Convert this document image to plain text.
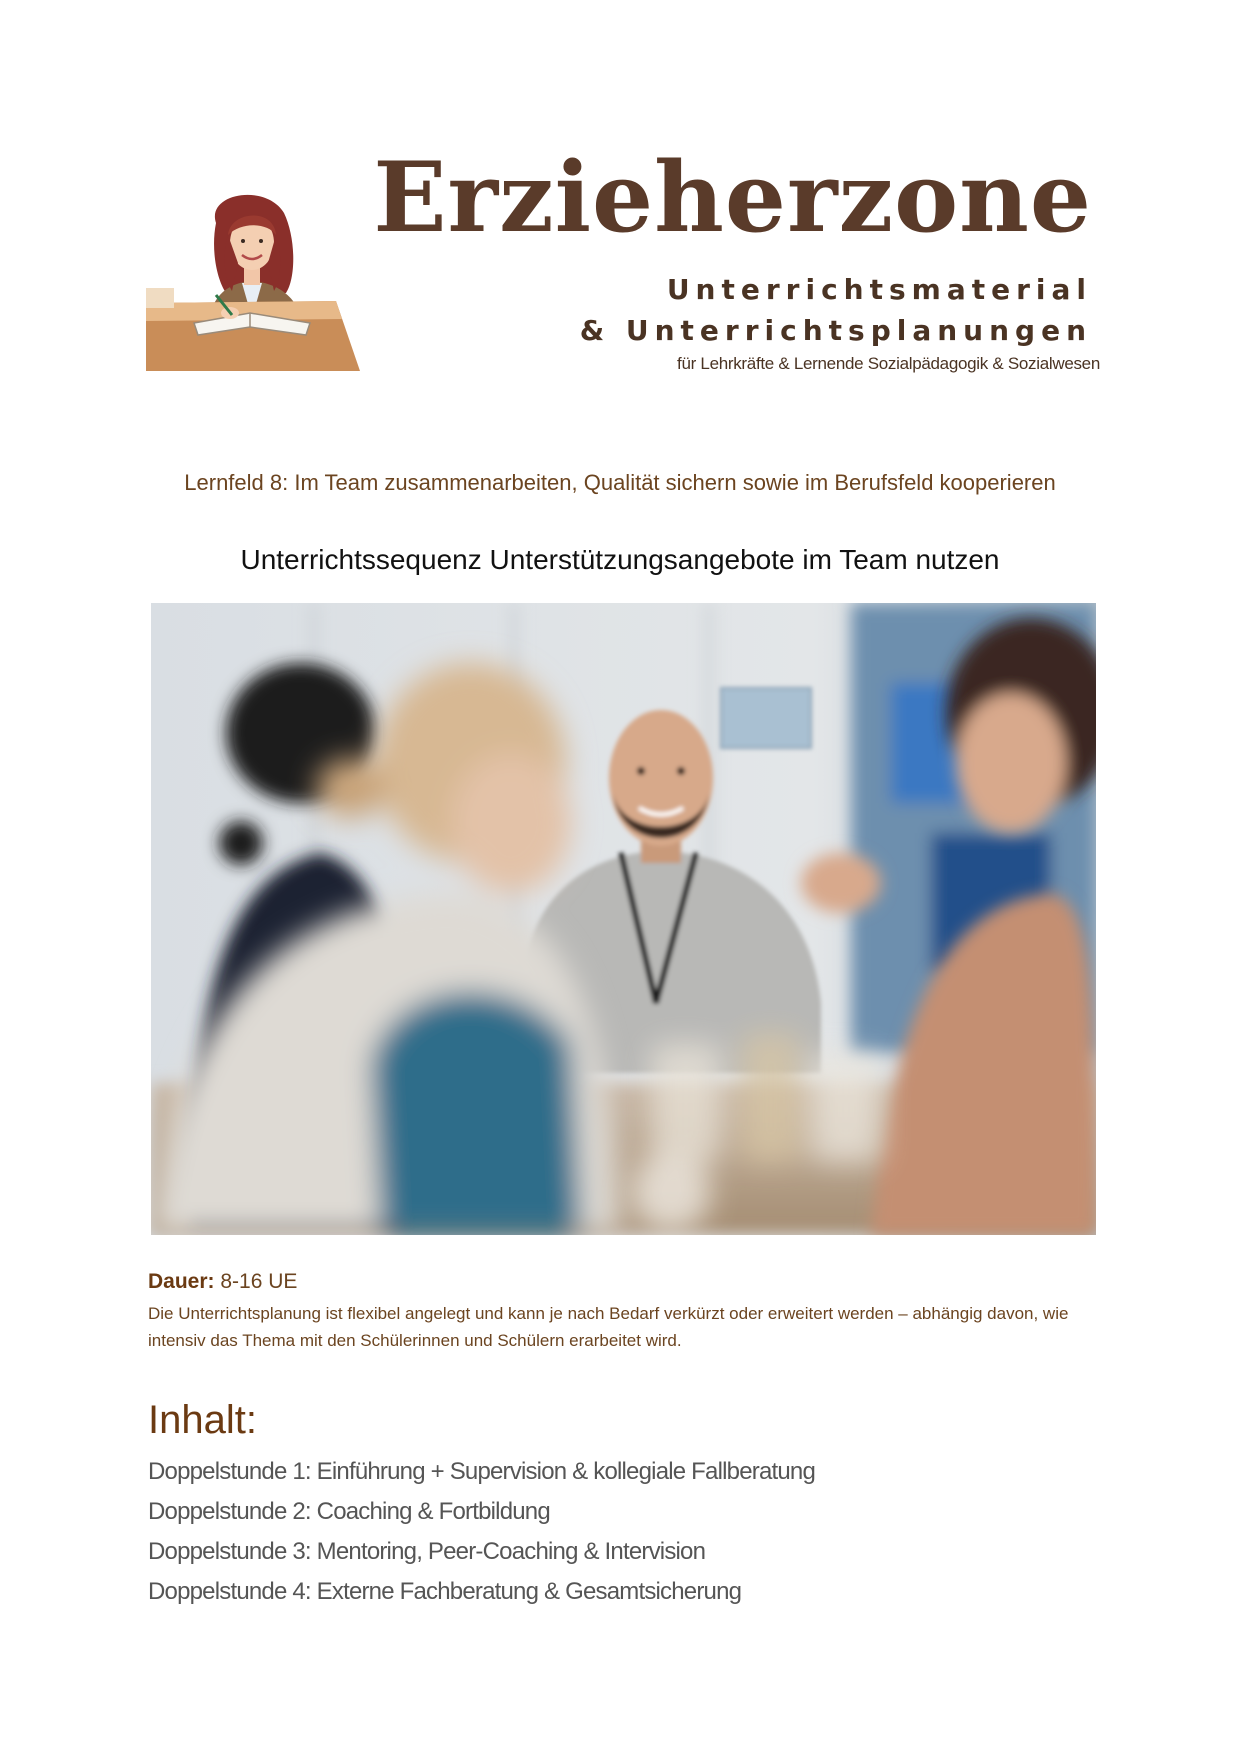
Erzieherzone

Unterrichtsmaterial

& Unterrichtsplanungen

für Lehrkräfte & Lernende Sozialpädagogik & Sozialwesen

Lernfeld 8: Im Team zusammenarbeiten, Qualität sichern sowie im Berufsfeld kooperieren

Unterrichtssequenz Unterstützungsangebote im Team nutzen

Dauer: 8-16 UE

Die Unterrichtsplanung ist flexibel angelegt und kann je nach Bedarf verkürzt oder erweitert werden – abhängig davon, wie intensiv das Thema mit den Schülerinnen und Schülern erarbeitet wird.

Inhalt:
Doppelstunde 1: Einführung + Supervision & kollegiale Fallberatung
Doppelstunde 2: Coaching & Fortbildung
Doppelstunde 3: Mentoring, Peer-Coaching & Intervision
Doppelstunde 4: Externe Fachberatung & Gesamtsicherung
